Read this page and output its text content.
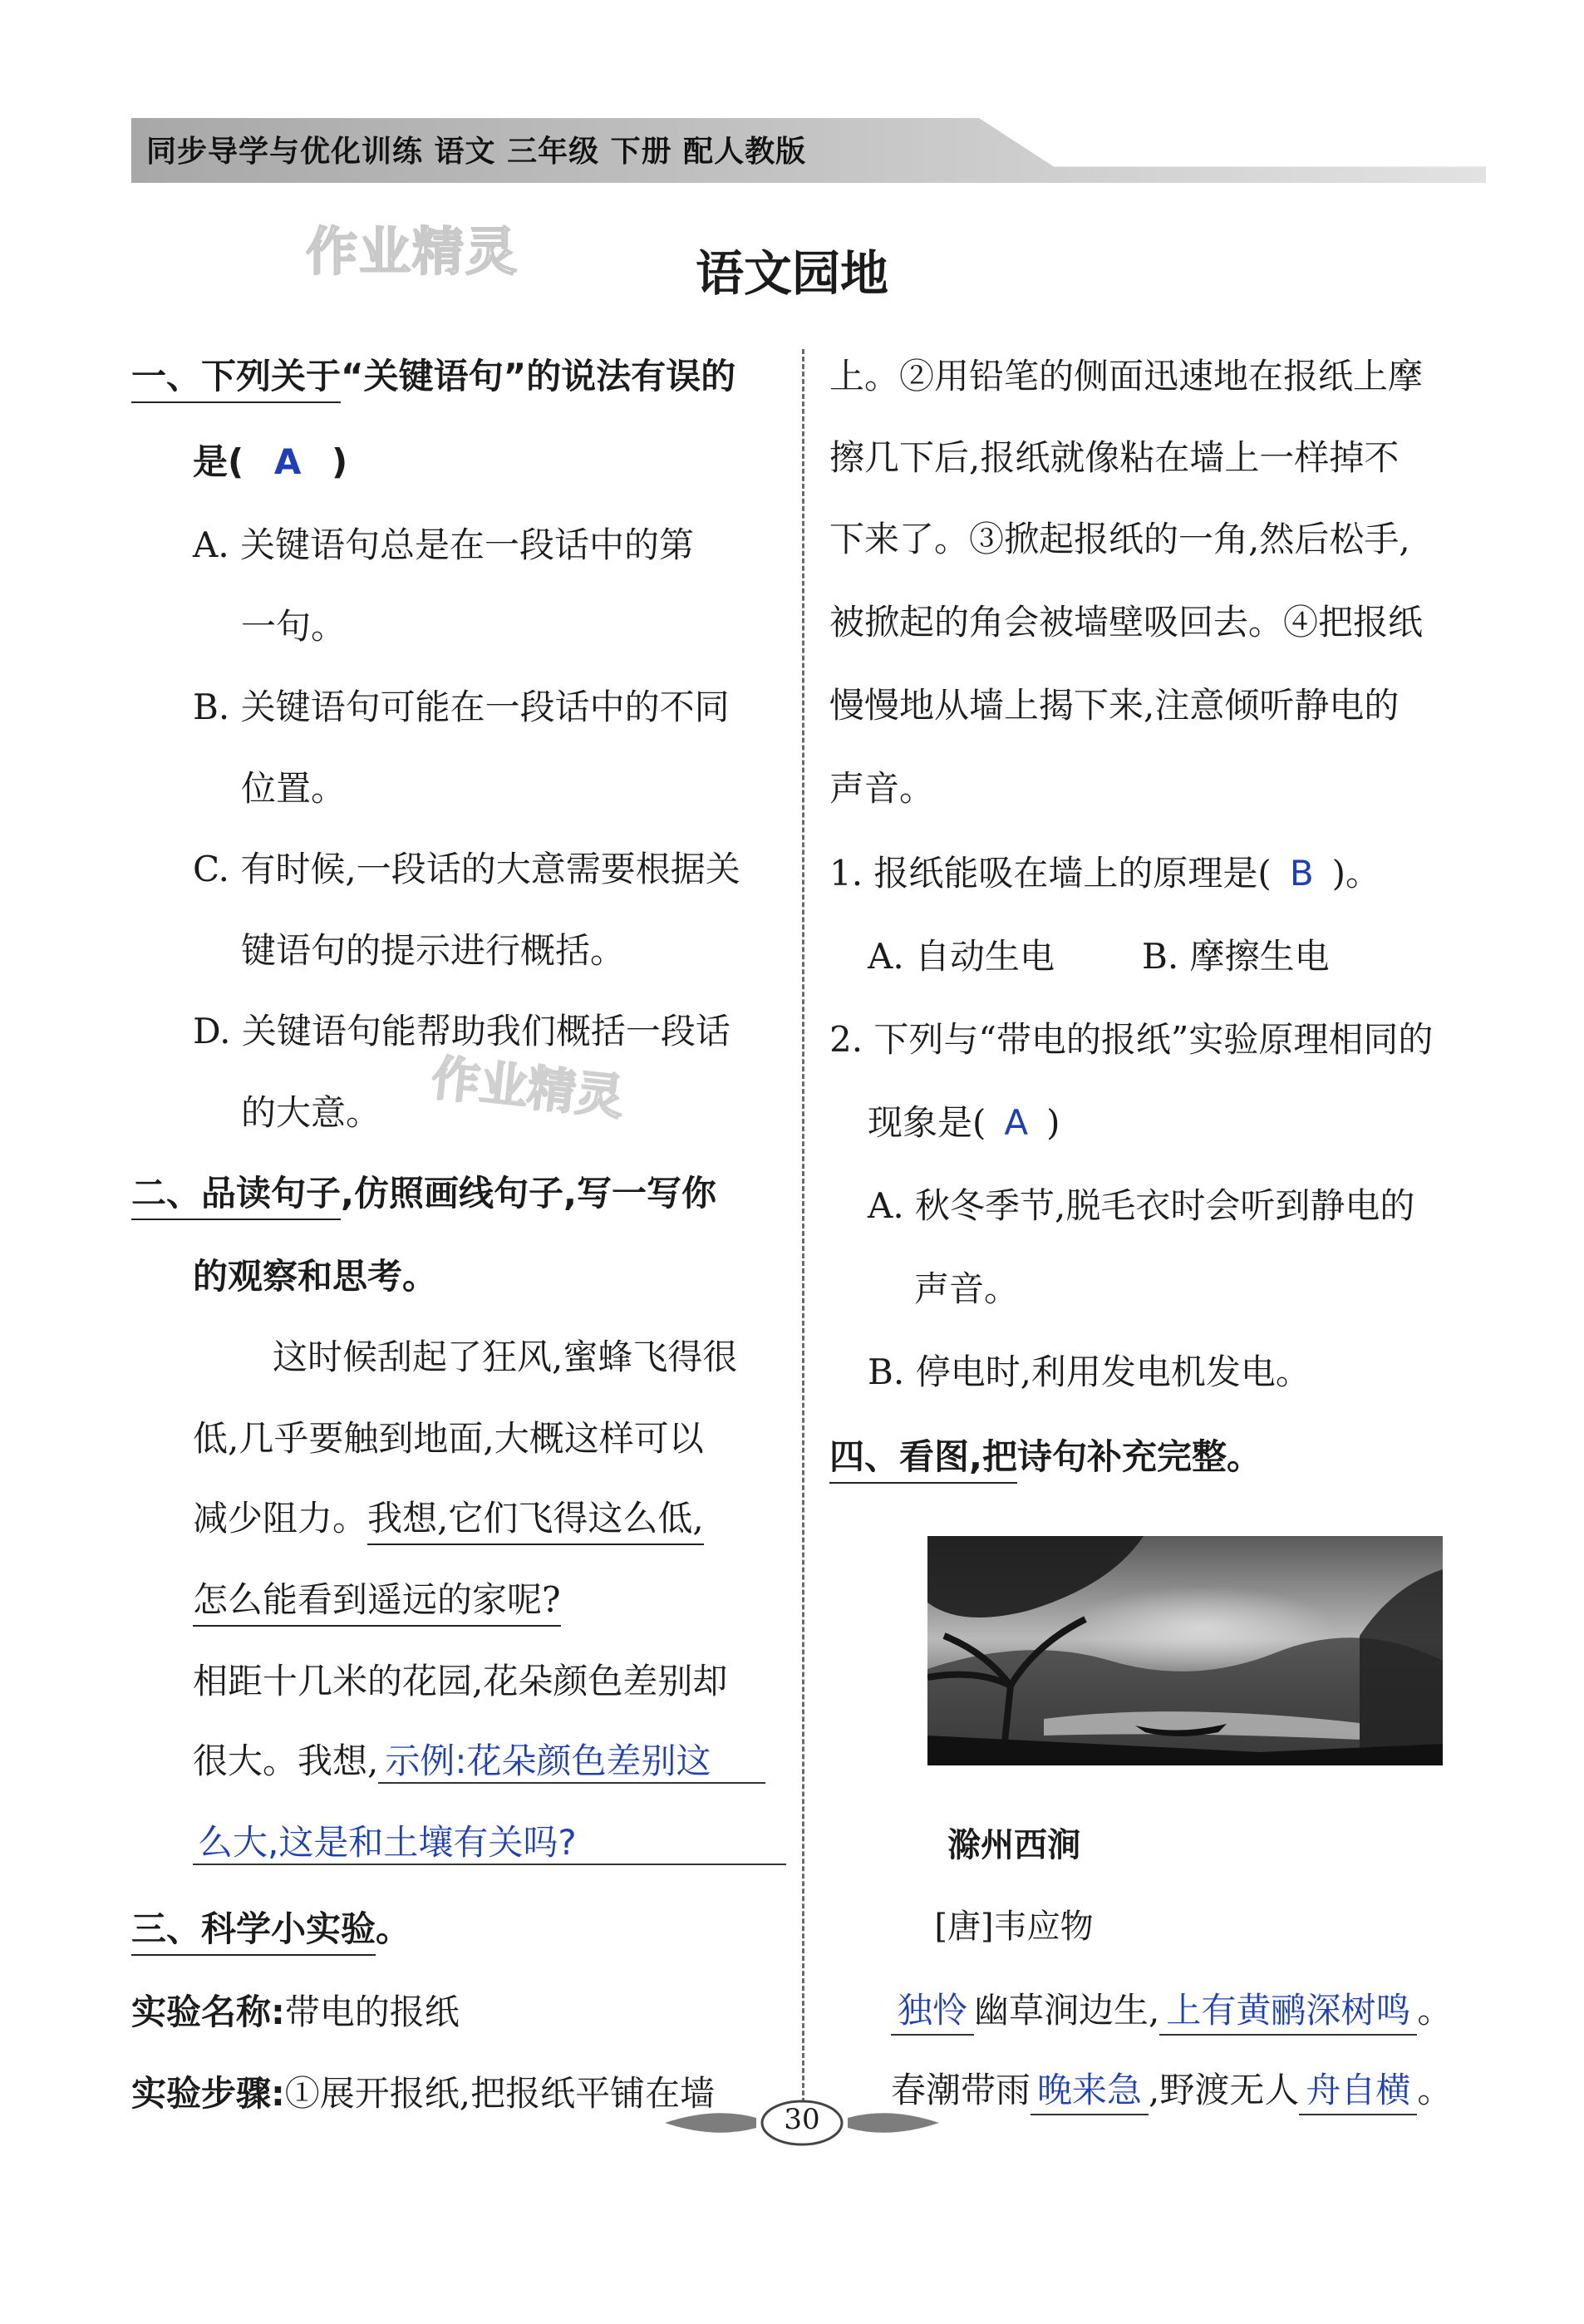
同步导学与优化训练 语文 三年级 下册 配人教版
作业精灵
作业精灵
语文园地
一、下列关于“关键语句”的说法有误的
是( A )
A. 关键语句总是在一段话中的第
一句。
B. 关键语句可能在一段话中的不同
位置。
C. 有时候,一段话的大意需要根据关
键语句的提示进行概括。
D. 关键语句能帮助我们概括一段话
的大意。
二、品读句子,仿照画线句子,写一写你
的观察和思考。
这时候刮起了狂风,蜜蜂飞得很
低,几乎要触到地面,大概这样可以
减少阻力。我想,它们飞得这么低,
怎么能看到遥远的家呢?
相距十几米的花园,花朵颜色差别却
很大。我想, 示例:花朵颜色差别这
么大,这是和土壤有关吗?
三、科学小实验。
实验名称:带电的报纸
实验步骤:①展开报纸,把报纸平铺在墙
上。②用铅笔的侧面迅速地在报纸上摩
擦几下后,报纸就像粘在墙上一样掉不
下来了。③掀起报纸的一角,然后松手,
被掀起的角会被墙壁吸回去。④把报纸
慢慢地从墙上揭下来,注意倾听静电的
声音。
1. 报纸能吸在墙上的原理是( B )。
A. 自动生电 B. 摩擦生电
2. 下列与“带电的报纸”实验原理相同的
现象是( A )
A. 秋冬季节,脱毛衣时会听到静电的
声音。
B. 停电时,利用发电机发电。
四、看图,把诗句补充完整。
滁州西涧
[唐]韦应物
独怜 幽草涧边生, 上有黄鹂深树鸣 。
春潮带雨 晚来急 ,野渡无人 舟自横 。
30
